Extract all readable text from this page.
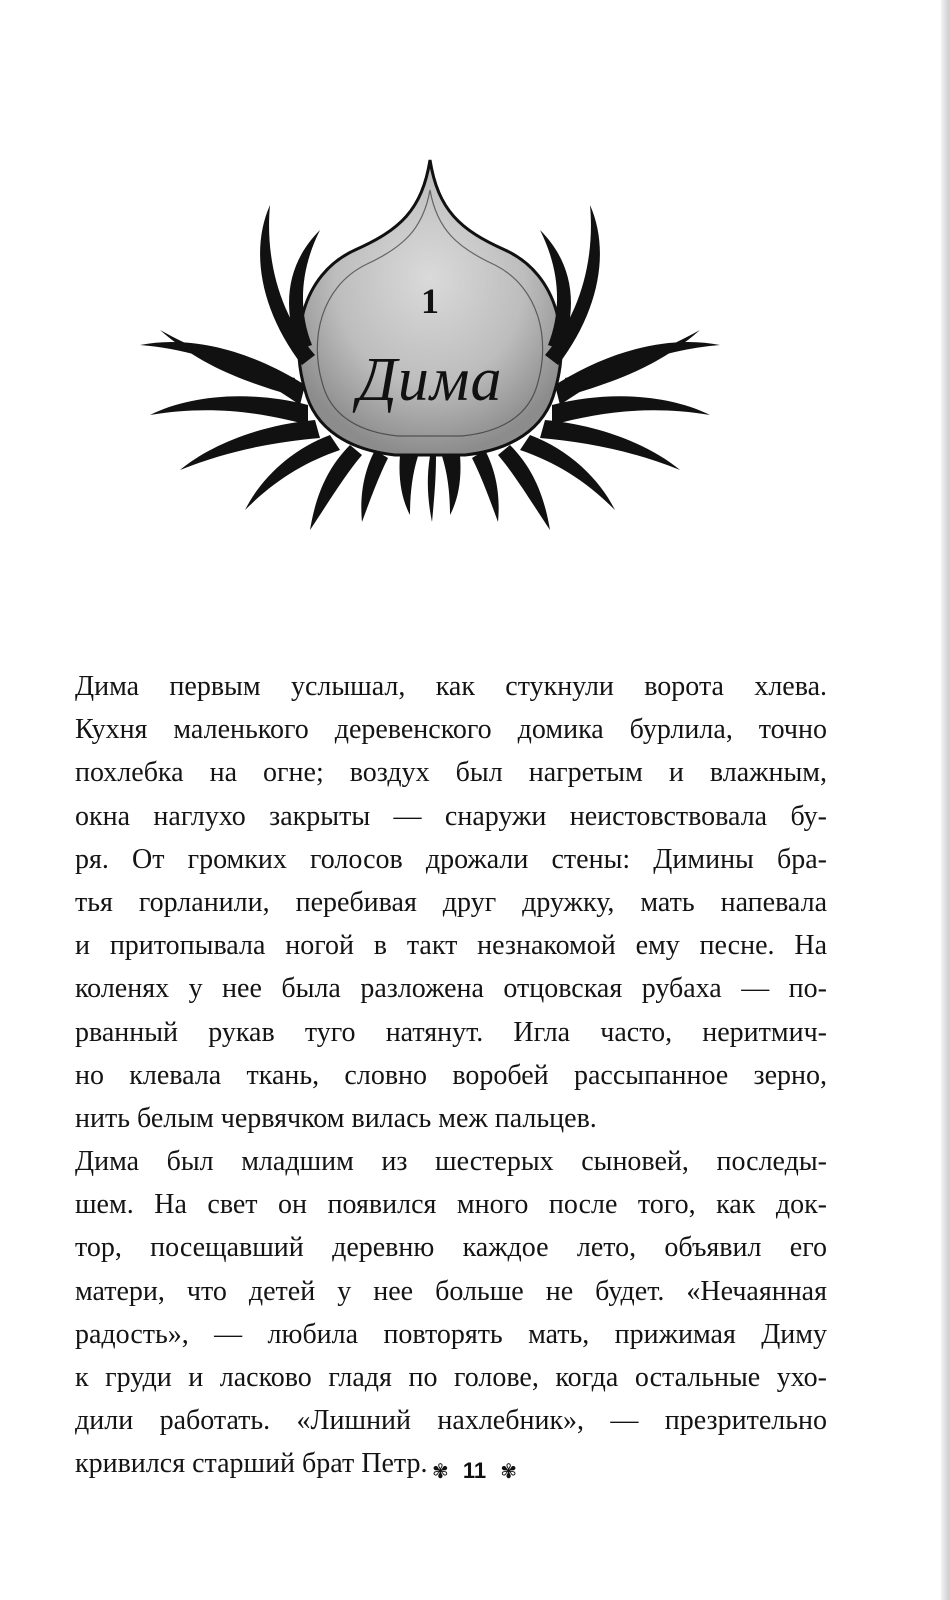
1
Дима

Дима первым услышал, как стукнули ворота хлева.
Кухня маленького деревенского домика бурлила, точно
похлебка на огне; воздух был нагретым и влажным,
окна наглухо закрыты — снаружи неистовствовала бу-
ря. От громких голосов дрожали стены: Димины бра-
тья горланили, перебивая друг дружку, мать напевала
и притопывала ногой в такт незнакомой ему песне. На
коленях у нее была разложена отцовская рубаха — по-
рванный рукав туго натянут. Игла часто, неритмич-
но клевала ткань, словно воробей рассыпанное зерно,
нить белым червячком вилась меж пальцев.

Дима был младшим из шестерых сыновей, последы-
шем. На свет он появился много после того, как док-
тор, посещавший деревню каждое лето, объявил его
матери, что детей у нее больше не будет. «Нечаянная
радость», — любила повторять мать, прижимая Диму
к груди и ласково гладя по голове, когда остальные ухо-
дили работать. «Лишний нахлебник», — презрительно
кривился старший брат Петр. ✾ 11 ✾
